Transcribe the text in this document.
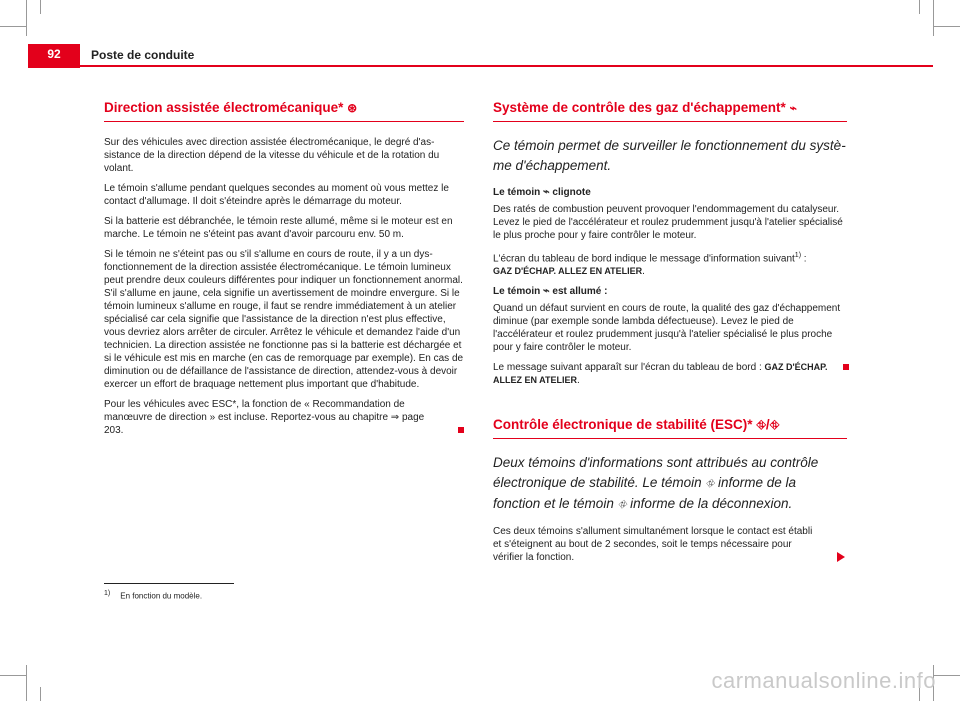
92	Poste de conduite
Direction assistée électromécanique* ⊛

Sur des véhicules avec direction assistée électromécanique, le degré d'assistance de la direction dépend de la vitesse du véhicule et de la rotation du volant.

Le témoin s'allume pendant quelques secondes au moment où vous mettez le contact d'allumage. Il doit s'éteindre après le démarrage du moteur.

Si la batterie est débranchée, le témoin reste allumé, même si le moteur est en marche. Le témoin ne s'éteint pas avant d'avoir parcouru env. 50 m.

Si le témoin ne s'éteint pas ou s'il s'allume en cours de route, il y a un dysfonctionnement de la direction assistée électromécanique. Le témoin lumineux peut prendre deux couleurs différentes pour indiquer un fonctionnement anormal. S'il s'allume en jaune, cela signifie un avertissement de moindre envergure. Si le témoin lumineux s'allume en rouge, il faut se rendre immédiatement à un atelier spécialisé car cela signifie que l'assistance de la direction n'est plus effective, vous devriez alors arrêter de circuler. Arrêtez le véhicule et demandez l'aide d'un technicien. La direction assistée ne fonctionne pas si la batterie est déchargée et si le véhicule est mis en marche (en cas de remorquage par exemple). En cas de diminution ou de défaillance de l'assistance de direction, attendez-vous à devoir exercer un effort de braquage nettement plus important que d'habitude.

Pour les véhicules avec ESC*, la fonction de « Recommandation de manœuvre de direction » est incluse. Reportez-vous au chapitre ⇒ page 203.

Système de contrôle des gaz d'échappement* ⌁
Ce témoin permet de surveiller le fonctionnement du système d'échappement.
Le témoin ⌁ clignote

Des ratés de combustion peuvent provoquer l'endommagement du catalyseur. Levez le pied de l'accélérateur et roulez prudemment jusqu'à l'atelier spécialisé le plus proche pour y faire contrôler le moteur.

L'écran du tableau de bord indique le message d'information suivant$^{1)}$ :
GAZ D'ÉCHAP. ALLEZ EN ATELIER.

Le témoin ⌁ est allumé :

Quand un défaut survient en cours de route, la qualité des gaz d'échappement diminue (par exemple sonde lambda défectueuse). Levez le pied de l'accélérateur et roulez prudemment jusqu'à l'atelier spécialisé le plus proche pour y faire contrôler le moteur.

Le message suivant apparaît sur l'écran du tableau de bord : GAZ D'ÉCHAP. ALLEZ EN ATELIER.

Contrôle électronique de stabilité (ESC)* ⛗/⛗
Deux témoins d'informations sont attribués au contrôle électronique de stabilité. Le témoin ⛗ informe de la fonction et le témoin ⛗ informe de la déconnexion.

Ces deux témoins s'allument simultanément lorsque le contact est établi et s'éteignent au bout de 2 secondes, soit le temps nécessaire pour vérifier la fonction.

$^{1)}$ En fonction du modèle.
carmanualsonline.info
